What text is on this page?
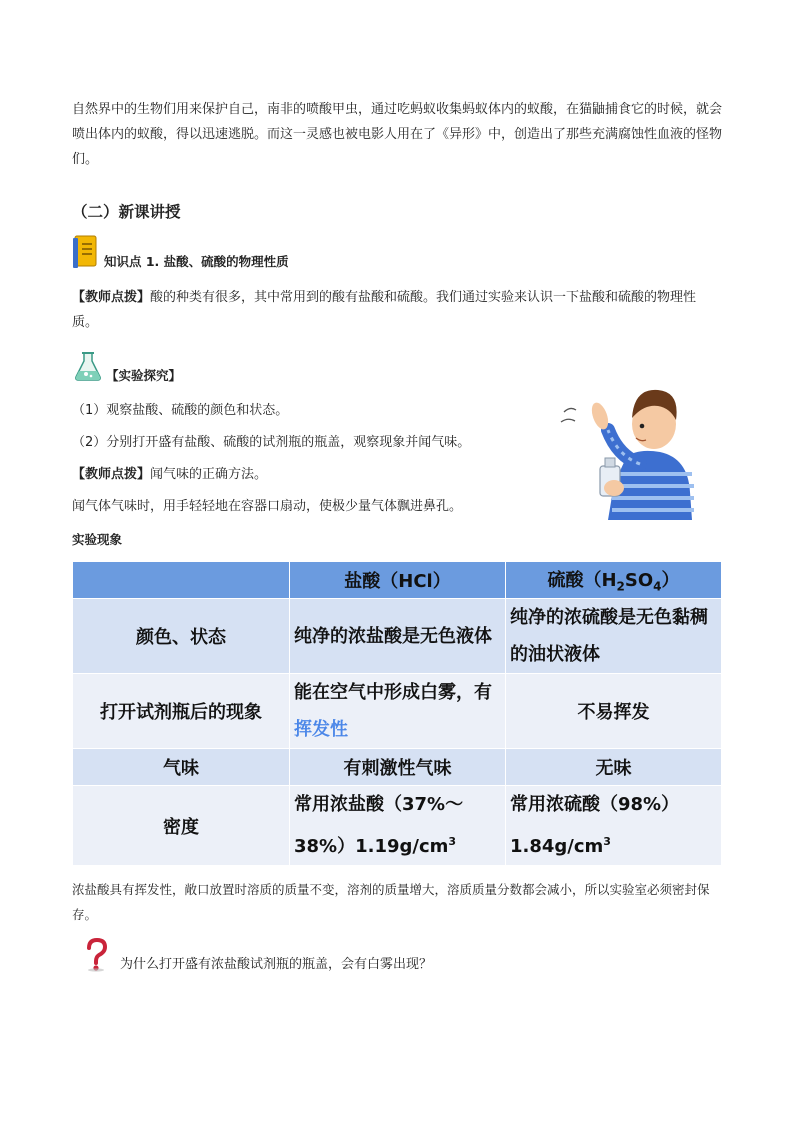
自然界中的生物们用来保护自己，南非的喷酸甲虫，通过吃蚂蚁收集蚂蚁体内的蚁酸，在猫鼬捕食它的时候，就会喷出体内的蚁酸，得以迅速逃脱。而这一灵感也被电影人用在了《异形》中，创造出了那些充满腐蚀性血液的怪物们。
（二）新课讲授
知识点 1. 盐酸、硫酸的物理性质
【教师点拨】酸的种类有很多，其中常用到的酸有盐酸和硫酸。我们通过实验来认识一下盐酸和硫酸的物理性质。
【实验探究】
（1）观察盐酸、硫酸的颜色和状态。
（2）分别打开盛有盐酸、硫酸的试剂瓶的瓶盖，观察现象并闻气味。
【教师点拨】闻气味的正确方法。
闻气体气味时，用手轻轻地在容器口扇动，使极少量气体飘进鼻孔。
实验现象
	盐酸（HCl）	硫酸$(H_2SO_4)$
颜色、状态	纯净的浓盐酸是无色液体	纯净的浓硫酸是无色黏稠的油状液体
打开试剂瓶后的现象	能在空气中形成白雾，有挥发性	不易挥发
气味	有刺激性气味	无味
密度	常用浓盐酸$(37\%\sim 38\%)1.19g/cm^3$	常用浓硫酸$(98\%)1.84g/cm^3$
浓盐酸具有挥发性，敞口放置时溶质的质量不变，溶剂的质量增大，溶质质量分数都会减小，所以实验室必须密封保存。
为什么打开盛有浓盐酸试剂瓶的瓶盖，会有白雾出现？
